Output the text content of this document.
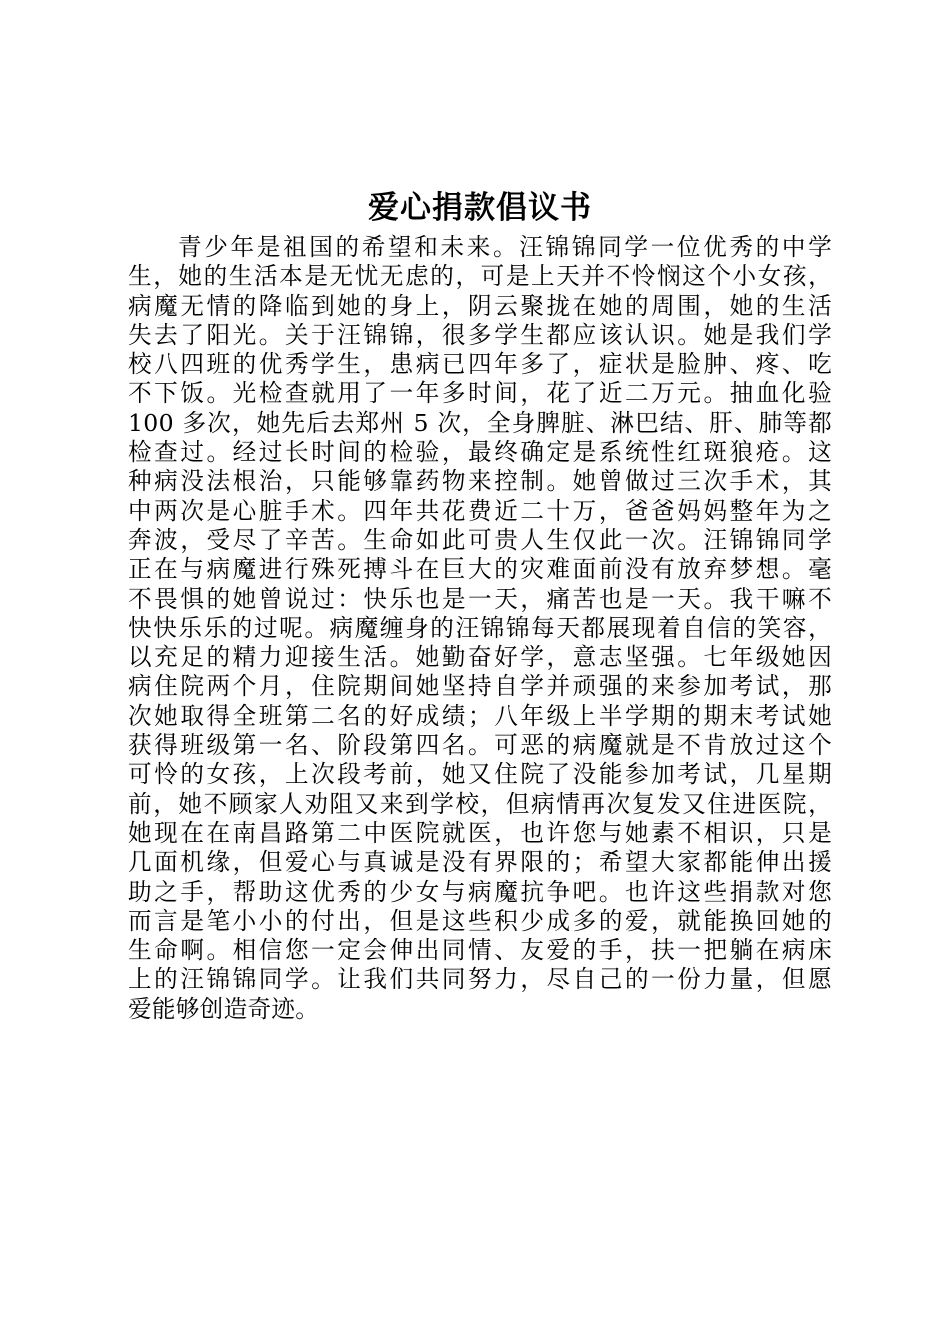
爱心捐款倡议书
青少年是祖国的希望和未来。汪锦锦同学一位优秀的中学
生，她的生活本是无忧无虑的，可是上天并不怜悯这个小女孩，
病魔无情的降临到她的身上，阴云聚拢在她的周围，她的生活
失去了阳光。关于汪锦锦，很多学生都应该认识。她是我们学
校八四班的优秀学生，患病已四年多了，症状是脸肿、疼、吃
不下饭。光检查就用了一年多时间，花了近二万元。抽血化验
100 多次，她先后去郑州 5 次，全身脾脏、淋巴结、肝、肺等都
检查过。经过长时间的检验，最终确定是系统性红斑狼疮。这
种病没法根治，只能够靠药物来控制。她曾做过三次手术，其
中两次是心脏手术。四年共花费近二十万，爸爸妈妈整年为之
奔波，受尽了辛苦。生命如此可贵人生仅此一次。汪锦锦同学
正在与病魔进行殊死搏斗在巨大的灾难面前没有放弃梦想。毫
不畏惧的她曾说过：快乐也是一天，痛苦也是一天。我干嘛不
快快乐乐的过呢。病魔缠身的汪锦锦每天都展现着自信的笑容，
以充足的精力迎接生活。她勤奋好学，意志坚强。七年级她因
病住院两个月，住院期间她坚持自学并顽强的来参加考试，那
次她取得全班第二名的好成绩；八年级上半学期的期末考试她
获得班级第一名、阶段第四名。可恶的病魔就是不肯放过这个
可怜的女孩，上次段考前，她又住院了没能参加考试，几星期
前，她不顾家人劝阻又来到学校，但病情再次复发又住进医院，
她现在在南昌路第二中医院就医，也许您与她素不相识，只是
几面机缘，但爱心与真诚是没有界限的；希望大家都能伸出援
助之手，帮助这优秀的少女与病魔抗争吧。也许这些捐款对您
而言是笔小小的付出，但是这些积少成多的爱，就能换回她的
生命啊。相信您一定会伸出同情、友爱的手，扶一把躺在病床
上的汪锦锦同学。让我们共同努力，尽自己的一份力量，但愿
爱能够创造奇迹。
